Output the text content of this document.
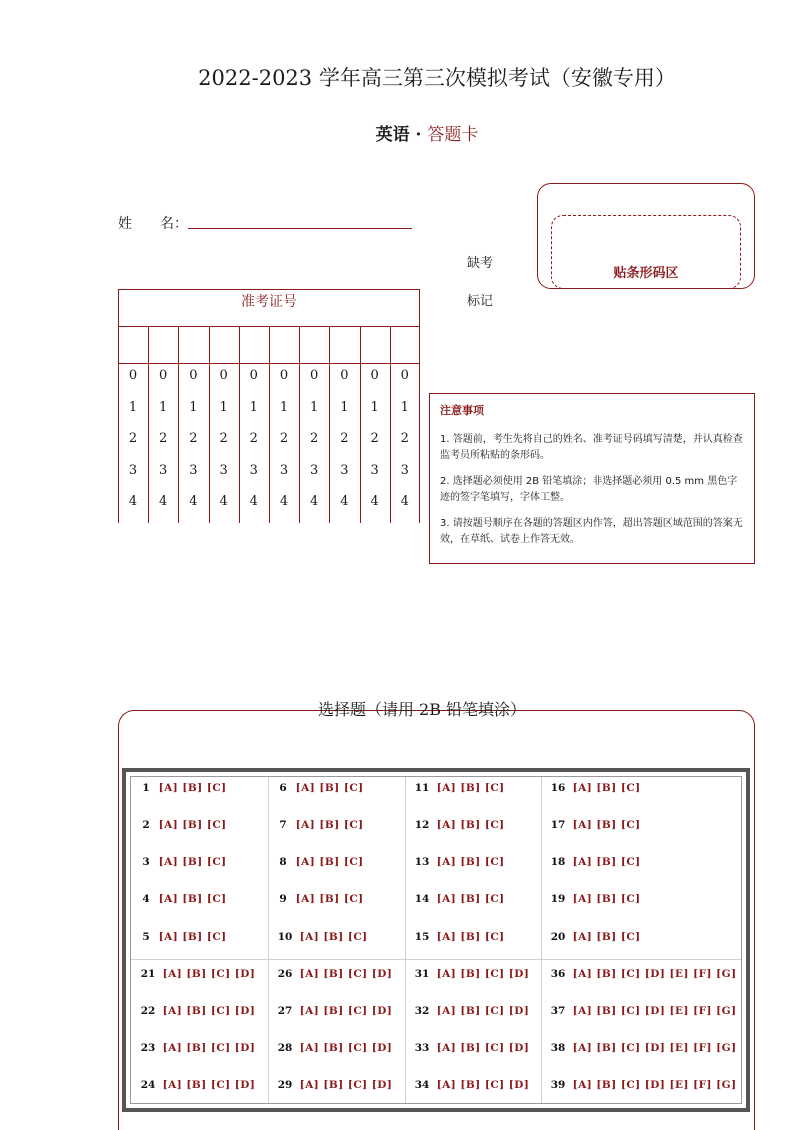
2022-2023 学年高三第三次模拟考试（安徽专用）
英语 · 答题卡
姓　　名：
缺考
标记
贴条形码区
准考证号
0	0	0	0	0	0	0	0	0	0
1	1	1	1	1	1	1	1	1	1
2	2	2	2	2	2	2	2	2	2
3	3	3	3	3	3	3	3	3	3
4	4	4	4	4	4	4	4	4	4
注意事项
1. 答题前，考生先将自己的姓名、准考证号码填写清楚，并认真检查监考员所粘贴的条形码。
2. 选择题必须使用 2B 铅笔填涂；非选择题必须用 0.5 mm 黑色字迹的签字笔填写，字体工整。
3. 请按题号顺序在各题的答题区内作答，超出答题区域范围的答案无效，在草纸、试卷上作答无效。
选择题（请用 2B 铅笔填涂）
1 [A] [B] [C]
2 [A] [B] [C]
3 [A] [B] [C]
4 [A] [B] [C]
5 [A] [B] [C]
21 [A] [B] [C] [D]
22 [A] [B] [C] [D]
23 [A] [B] [C] [D]
24 [A] [B] [C] [D]
6 [A] [B] [C]
7 [A] [B] [C]
8 [A] [B] [C]
9 [A] [B] [C]
10 [A] [B] [C]
26 [A] [B] [C] [D]
27 [A] [B] [C] [D]
28 [A] [B] [C] [D]
29 [A] [B] [C] [D]
11 [A] [B] [C]
12 [A] [B] [C]
13 [A] [B] [C]
14 [A] [B] [C]
15 [A] [B] [C]
31 [A] [B] [C] [D]
32 [A] [B] [C] [D]
33 [A] [B] [C] [D]
34 [A] [B] [C] [D]
16 [A] [B] [C]
17 [A] [B] [C]
18 [A] [B] [C]
19 [A] [B] [C]
20 [A] [B] [C]
36 [A] [B] [C] [D] [E] [F] [G]
37 [A] [B] [C] [D] [E] [F] [G]
38 [A] [B] [C] [D] [E] [F] [G]
39 [A] [B] [C] [D] [E] [F] [G]
